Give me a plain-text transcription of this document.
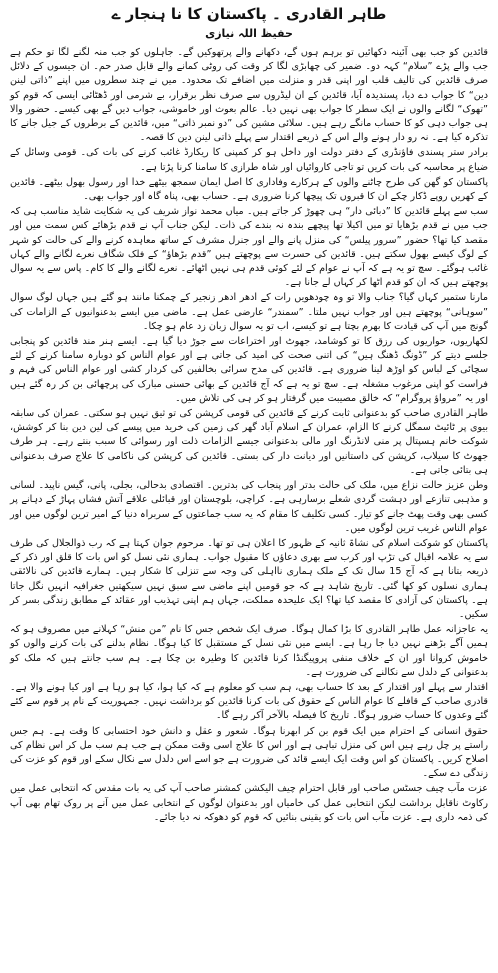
طاہر القادری ۔ پاکستان کا نا ہنجار ے
حفیظ اللہ نیازی

قائدین کو جب بھی آئینہ دکھائیں تو برہم ہوں گے، دکھانے والے پرتھوکیں گے۔ جاہلوں کو جب منہ لگنے لگا تو حکم ہے جب والے پڑے ”سلام“ کہہ دو۔ ضمیر کی چھابڑی لگا کر وقت کی روٹی کمانے والے قابل صدر حم۔ ان جیسوں کے دلائل صرف قائدین کی تالیف قلب اور اپنی قدر و منزلت میں اضافے تک محدود۔ میں نے چند سطروں میں اپنے ”ذاتی لینن دین“ کا جواب دے دیا، پسندیدہ آیا، قائدین کے ان لیڈروں سے صرف نظر برقرار، بے شرمی اور ڈھٹائی ایسی کہ قوم کو ”تھوک“ لگانے والوں نے ایک سطر کا جواب بھی نہیں دیا۔ عالم بعوث اور خاموشی، جواب دیں گے بھی کیسے۔ حضور والا ہی جواب دہی کو کا حساب مانگے رہے ہیں۔ سلائی مشین کی ”دو نمبر ذاتی“ میں، قائدین کے برطروں کے جیل جانے کا تذکرہ کیا ہے۔ نہ رو دار ہونے والے اس کے ذریعے اقتدار سے پہلے ذاتی لینن دین کا قصہ۔

برادر ستر پسندی فاؤنڈری کے دفتر دولت اور داخل ہو کر کمپنی کا ریکارڈ غائب کرنے کی بات کی۔ قومی وسائل کے ضیاع پر محاسبہ کی بات کریں تو تاجی کاروائیاں اور شاہ طرازی کا سامنا کرنا پڑتا ہے۔

پاکستان کو گھن کی طرح چاٹنے والوں کے ہرکارے وفاداری کا اصل ایمان سمجھ بیٹھے خدا اور رسول بھول بیٹھے۔ قائدین کے کھریں روپے ڈکار چکے ان کا قبروں تک پیچھا کرنا ضروری ہے۔ حساب بھی، پناہ گاہ اور جواب بھی۔

سب سے پہلے قائدین کا ”دبائی دار“ ہی چھوڑ کر جاتے ہیں۔ میاں محمد نواز شریف کی یہ شکایت شاید مناسب ہی کہ جب میں نے قدم بڑھایا تو میں اکیلا تھا پیچھے بندہ نہ بندے کی ذات۔ لیکن جناب آپ نے قدم بڑھائے کس سمت میں اور مقصد کیا تھا؟ حضور ”سرور پیلس“ کی منزل پانے والے اور جنرل مشرف کے ساتھ معاہدہ کرنے والے کی حالت کو شہر کے لوگ کیسے بھول سکتے ہیں۔ قائدین کی حسرت سے پوچھتے ہیں ”قدم بڑھاؤ“ کے فلک شگاف نعرے لگانے والے کہاں غائب ہوگئے۔ سچ تو یہ ہے کہ آپ نے عوام کے لئے کوئی قدم ہی نہیں اٹھائے۔ نعرے لگانے والے کا کام۔ پاس سے یہ سوال پوچھتے ہیں کہ ان کو قدم اٹھا کر کہاں لے جانا ہے۔

مارنا ستمبر کہاں گیا؟ جناب والا تو وہ چودھویں رات کے ادھر ادھر زنجیر کے چمکنا مانند ہو گئے ہیں جہاں لوگ سوال ”سوہانی“ پوچھتے ہیں اور جواب نہیں ملتا۔ ”سمندر“ عارضی عمل ہے۔ ماضی میں ایسے بدعنوانیوں کے الزامات کی گونج میں آپ کی قیادت کا بھرم بچتا ہے تو کیسے، اب تو یہ سوال زبان زد عام ہو چکا۔

لکھاریوں، حواریوں کی رزق کا تو کوشامد، جھوٹ اور اختراعات سے جوڑ دیا گیا ہے۔ ایسے ہنر مند قائدین کو پنجابی جلسے دیتے کر ”ڈونگ ڈھنگ ہیں“ کی اتنی صحت کی امید کی جاتی ہے اور عوام الناس کو دوبارہ سامنا کرنے کے لئے سچائی کے لباس کو اوڑھ لینا ضروری ہے۔ قائدین کی مدح سرائی بخالفین کی کردار کشی اور عوام الناس کی فہم و فراست کو اپنی مرغوب مشغلہ ہے۔ سچ تو یہ ہے کہ آج قائدین کے بھائی حسنی مبارک کی پرچھائی بن کر رہ گئے ہیں اور یہ ”مرواؤ پروگرام“ کہ خالق مصیبت میں گرفتار ہو کر ہی کی تلاش میں۔

طاہر القادری صاحب کو بدعنوانی ثابت کرنے کے قائدین کی قومی کرپشن کی تو ثیق نہیں ہو سکتی۔ عمران کی سابقہ بیوی پر ٹائیٹ سمگل کرنے کا الزام، عمران کے اسلام آباد گھر کی زمین کی خرید میں پیسے کی لین دین بنا کر کوشش، شوکت خانم ہسپتال پر منی لانڈرنگ اور مالی بدعنوانی جیسے الزامات ذلت اور رسوائی کا سبب بنتے رہے۔ ہر طرف جھوٹ کا سیلاب، کرپشن کی داستانیں اور دیانت دار کی بستی۔ قائدین کی کرپشن کی ناکامی کا علاج صرف بدعنوانی ہی بتائی جاتی ہے۔

وطن عزیز حالت نزاع میں، ملک کی حالت بدتر اور پنجاب کی بدترین۔ اقتصادی بدحالی، بجلی، پانی، گیس ناپید۔ لسانی و مذہبی تنازعے اور دہشت گردی شعلے برسارہی ہے۔ کراچی، بلوچستان اور قبائلی علاقے آتش فشاں پہاڑ کے دہانے پر کسی بھی وقت پھٹ جانے کو تیار۔ کسی تکلیف کا مقام کہ یہ سب جماعتوں کے سربراہ دنیا کے امیر ترین لوگوں میں اور عوام الناس غریب ترین لوگوں میں۔

پاکستان کو شوکت اسلام کی نشاۃ ثانیہ کے ظہور کا اعلان ہی تو تھا۔ مرحوم جوان کہتا ہے کہ رب ذوالجلال کی طرف سے یہ علامہ اقبال کی تڑپ اور کرب سے بھری دعاؤں کا مقبول جواب۔ ہماری نئی نسل کو اس بات کا قلق اور ذکر کے ذریعہ بتانا ہے کہ آج 15 سال تک کے ملک ہماری نااہلی کی وجہ سے تنزلی کا شکار ہیں۔ ہمارے قائدین کی نالائقی ہماری نسلوں کو کھا گئی۔ تاریخ شاہد ہے کہ جو قومیں اپنے ماضی سے سبق نہیں سیکھتیں جغرافیہ انہیں نگل جاتا ہے۔ پاکستان کی آزادی کا مقصد کیا تھا؟ ایک علیحدہ مملکت، جہاں ہم اپنی تہذیب اور عقائد کے مطابق زندگی بسر کر سکیں۔

یہ عاجزانہ عمل طاہر القادری کا بڑا کمال ہوگا۔ صرف ایک شخص جس کا نام ”من منش“ کہلانے میں مصروف ہو کہ ہمیں آگے بڑھنے نہیں دیا جا رہا ہے۔ ایسے میں نئی نسل کے مستقبل کا کیا ہوگا۔ نظام بدلنے کی بات کرنے والوں کو خاموش کروانا اور ان کے خلاف منفی پروپیگنڈا کرنا قائدین کا وطیرہ بن چکا ہے۔ ہم سب جانتے ہیں کہ ملک کو بدعنوانی کے دلدل سے نکالنے کی ضرورت ہے۔

اقتدار سے پہلے اور اقتدار کے بعد کا حساب بھی، ہم سب کو معلوم ہے کہ کیا ہوا، کیا ہو رہا ہے اور کیا ہونے والا ہے۔ قادری صاحب کے قافلے کا عوام الناس کے حقوق کی بات کرنا قائدین کو برداشت نہیں۔ جمہوریت کے نام پر قوم سے کئے گئے وعدوں کا حساب ضرور ہوگا۔ تاریخ کا فیصلہ بالآخر آکر رہے گا۔

حقوق انسانی کے احترام میں ایک قوم بن کر ابھرنا ہوگا۔ شعور و عقل و دانش خود احتسابی کا وقت ہے۔ ہم جس راستے پر چل رہے ہیں اس کی منزل تباہی ہے اور اس کا علاج اسی وقت ممکن ہے جب ہم سب مل کر اس نظام کی اصلاح کریں۔ پاکستان کو اس وقت ایک ایسے قائد کی ضرورت ہے جو اسے اس دلدل سے نکال سکے اور قوم کو عزت کی زندگی دے سکے۔

عزت مآب چیف جسٹس صاحب اور قابل احترام چیف الیکشن کمشنر صاحب آپ کی یہ بات مقدس کہ انتخابی عمل میں رکاوٹ ناقابل برداشت لیکن انتخابی عمل کی خامیاں اور بدعنوان لوگوں کے انتخابی عمل میں آنے پر روک تھام بھی آپ کی ذمہ داری ہے۔ عزت مآب اس بات کو یقینی بنائیں کہ قوم کو دھوکہ نہ دیا جائے۔
